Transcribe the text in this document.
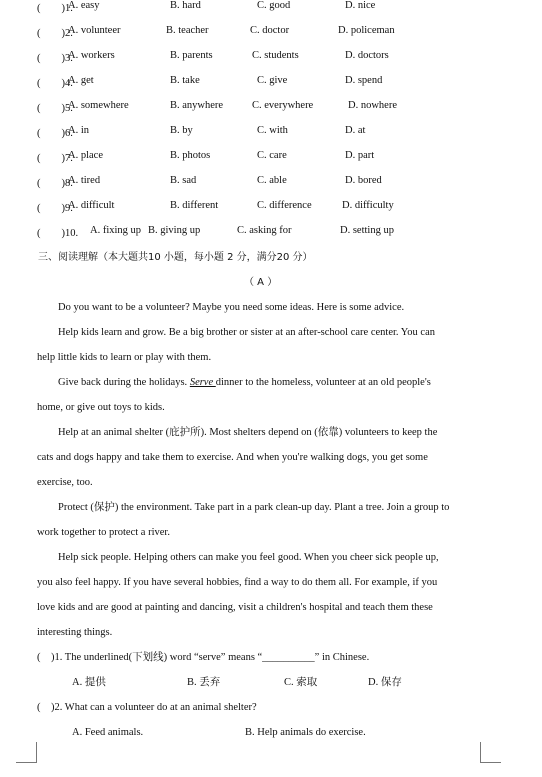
(　　)1.
A. easy	B. hard	C. good	D. nice
(　　)2.
A. volunteer	B. teacher	C. doctor	D. policeman
(　　)3.
A. workers	B. parents	C. students	D. doctors
(　　)4.
A. get	B. take	C. give	D. spend
(　　)5.
A. somewhere	B. anywhere	C. everywhere	D. nowhere
(　　)6.
A. in	B. by	C. with	D. at
(　　)7.
A. place	B. photos	C. care	D. part
(　　)8.
A. tired	B. sad	C. able	D. bored
(　　)9.
A. difficult	B. different	C. difference	D. difficulty
(　　)10. A. fixing up B. giving up	C. asking for	D. setting up
三、阅读理解（本大题共10 小题，每小题 2 分，满分20 分）
（ A ）
Do you want to be a volunteer? Maybe you need some ideas. Here is some advice.
Help kids learn and grow. Be a big brother or sister at an after-school care center. You can
help little kids to learn or play with them.
Give back during the holidays. Serve dinner to the homeless, volunteer at an old people's
home, or give out toys to kids.
Help at an animal shelter (庇护所). Most shelters depend on (依靠) volunteers to keep the
cats and dogs happy and take them to exercise. And when you're walking dogs, you get some
exercise, too.
Protect (保护) the environment. Take part in a park clean-up day. Plant a tree. Join a group to
work together to protect a river.
Help sick people. Helping others can make you feel good. When you cheer sick people up,
you also feel happy. If you have several hobbies, find a way to do them all. For example, if you
love kids and are good at painting and dancing, visit a children's hospital and teach them these
interesting things.
(　)1. The underlined(下划线) word “serve” means “__________” in Chinese.
A. 提供	B. 丢弃	C. 索取	D. 保存
(　)2. What can a volunteer do at an animal shelter?
A. Feed animals.	B. Help animals do exercise.
